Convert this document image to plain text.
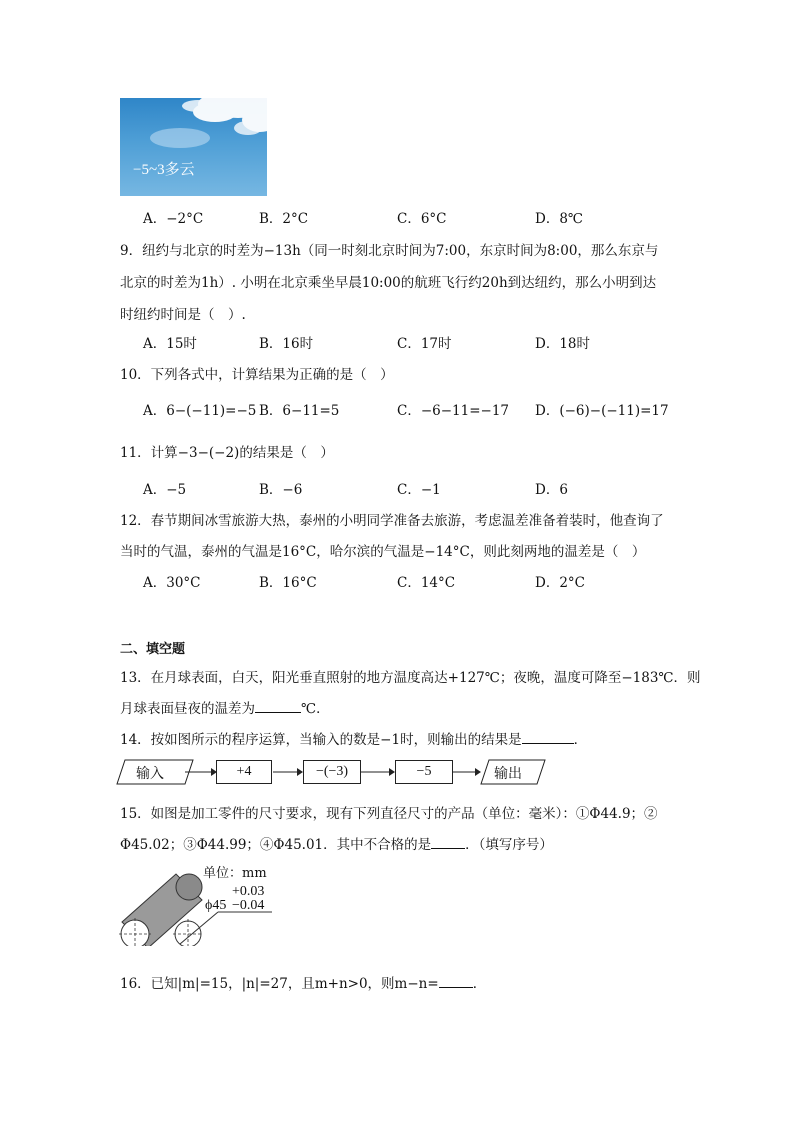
−5~3多云
A．−2°C	B．2°C	C．6°C	D．8℃
9．纽约与北京的时差为−13h（同一时刻北京时间为7:00，东京时间为8:00，那么东京与
北京的时差为1h）. 小明在北京乘坐早晨10:00的航班飞行约20h到达纽约，那么小明到达
时纽约时间是（　）.
A．15时	B．16时	C．17时	D．18时
10．下列各式中，计算结果为正确的是（　）
A．6−(−11)=−5 B．6−11=5	C．−6−11=−17 D．(−6)−(−11)=17
11．计算−3−(−2)的结果是（　）
A．−5	B．−6	C．−1	D．6
12．春节期间冰雪旅游大热，泰州的小明同学准备去旅游，考虑温差准备着装时，他查询了
当时的气温，泰州的气温是16°C，哈尔滨的气温是−14°C，则此刻两地的温差是（　）
A．30°C	B．16°C	C．14°C	D．2°C
二、填空题
13．在月球表面，白天，阳光垂直照射的地方温度高达+127℃；夜晚，温度可降至−183℃．则
月球表面昼夜的温差为	℃．
14．按如图所示的程序运算，当输入的数是−1时，则输出的结果是	．
输入	+4	−(−3)	−5	输出
15．如图是加工零件的尺寸要求，现有下列直径尺寸的产品（单位：毫米）：①Φ44.9；②
Φ45.02；③Φ44.99；④Φ45.01．其中不合格的是	．（填写序号）
单位：mm
+0.03
ϕ45 −0.04
16．已知|m|=15，|n|=27，且m+n>0，则m−n=	．
